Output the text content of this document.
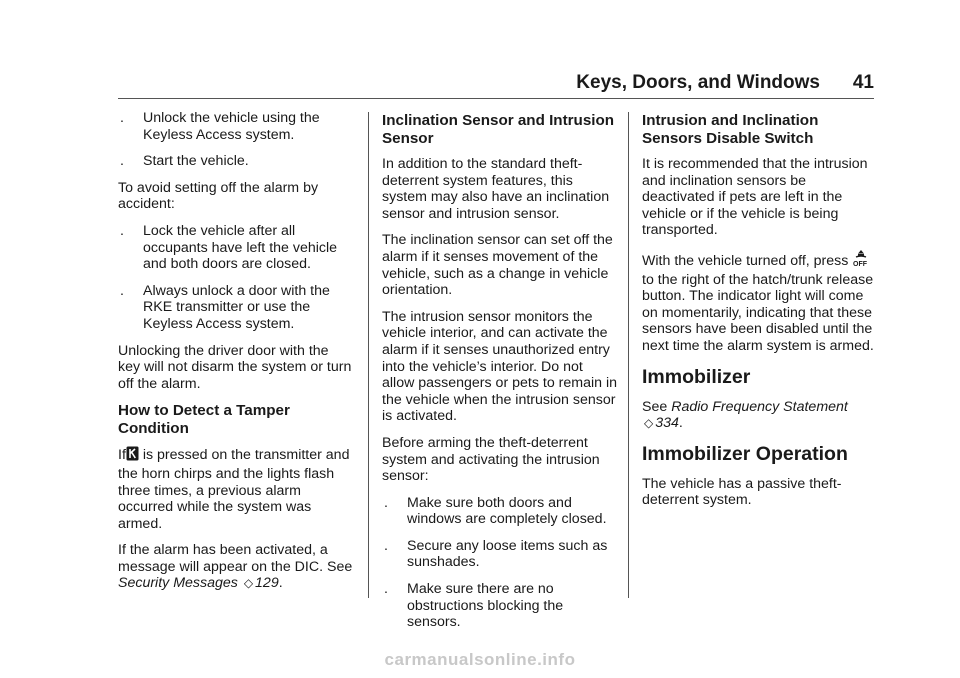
Keys, Doors, and Windows 41
. Unlock the vehicle using the Keyless Access system.
. Start the vehicle.

To avoid setting off the alarm by accident:

. Lock the vehicle after all occupants have left the vehicle and both doors are closed.
. Always unlock a door with the RKE transmitter or use the Keyless Access system.

Unlocking the driver door with the key will not disarm the system or turn off the alarm.

How to Detect a Tamper Condition

If is pressed on the transmitter and the horn chirps and the lights flash three times, a previous alarm occurred while the system was armed.

If the alarm has been activated, a message will appear on the DIC. See Security Messages ◇ 129.

Inclination Sensor and Intrusion Sensor

In addition to the standard theft-deterrent system features, this system may also have an inclination sensor and intrusion sensor.

The inclination sensor can set off the alarm if it senses movement of the vehicle, such as a change in vehicle orientation.

The intrusion sensor monitors the vehicle interior, and can activate the alarm if it senses unauthorized entry into the vehicle’s interior. Do not allow passengers or pets to remain in the vehicle when the intrusion sensor is activated.

Before arming the theft-deterrent system and activating the intrusion sensor:

. Make sure both doors and windows are completely closed.
. Secure any loose items such as sunshades.
. Make sure there are no obstructions blocking the sensors.
Intrusion and Inclination Sensors Disable Switch

It is recommended that the intrusion and inclination sensors be deactivated if pets are left in the vehicle or if the vehicle is being transported.

With the vehicle turned off, press OFF
to the right of the hatch/trunk release button. The indicator light will come on momentarily, indicating that these sensors have been disabled until the next time the alarm system is armed.

Immobilizer

See Radio Frequency Statement ◇ 334.

Immobilizer Operation

The vehicle has a passive theft-deterrent system.

carmanualsonline.info
